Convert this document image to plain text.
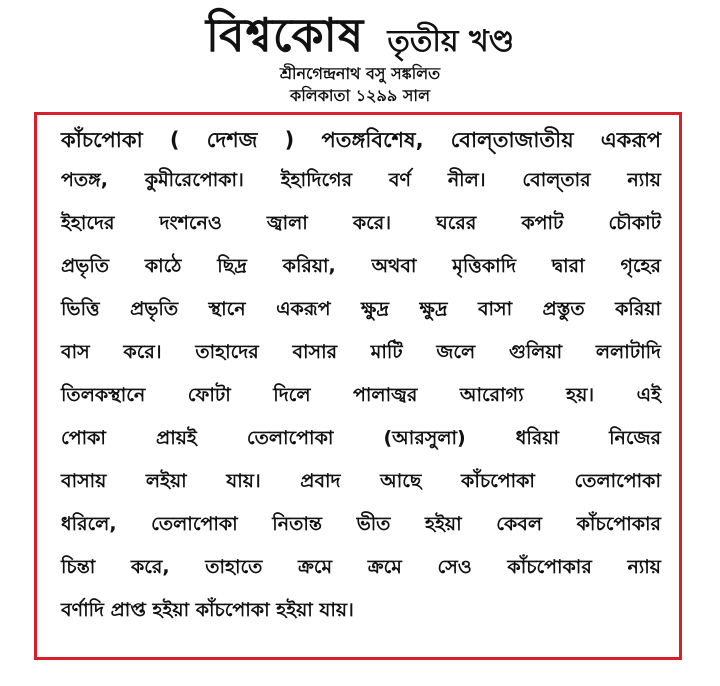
বিশ্বকোষ তৃতীয় খণ্ড
শ্রীনগেন্দ্রনাথ বসু সঙ্কলিত
কলিকাতা ১২৯৯ সাল
কাঁচপোকা ( দেশজ ) পতঙ্গবিশেষ, বোল্‌তাজাতীয় একরূপ
পতঙ্গ, কুমীরেপোকা। ইহাদিগের বর্ণ নীল। বোল্‌তার ন্যায়
ইহাদের দংশনেও জ্বালা করে। ঘরের কপাট চৌকাট
প্রভৃতি কাঠে ছিদ্র করিয়া, অথবা মৃত্তিকাদি দ্বারা গৃহের
ভিত্তি প্রভৃতি স্থানে একরূপ ক্ষুদ্র ক্ষুদ্র বাসা প্রস্তুত করিয়া
বাস করে। তাহাদের বাসার মাটি জলে গুলিয়া ললাটাদি
তিলকস্থানে ফোটা দিলে পালাজ্বর আরোগ্য হয়। এই
পোকা প্রায়ই তেলাপোকা (আরসুলা) ধরিয়া নিজের
বাসায় লইয়া যায়। প্রবাদ আছে কাঁচপোকা তেলাপোকা
ধরিলে, তেলাপোকা নিতান্ত ভীত হইয়া কেবল কাঁচপোকার
চিন্তা করে, তাহাতে ক্রমে ক্রমে সেও কাঁচপোকার ন্যায়
বর্ণাদি প্রাপ্ত হইয়া কাঁচপোকা হইয়া যায়।
